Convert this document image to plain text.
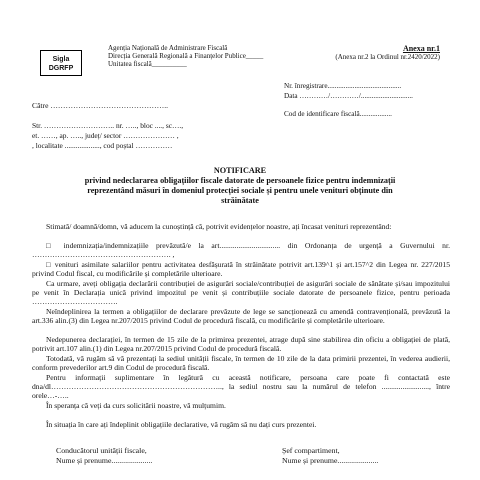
Sigla
DGRFP
Agenția Națională de Administrare Fiscală
Direcția Generală Regională a Finanțelor Publice_____
Unitatea fiscală__________
Anexa nr.1
(Anexa nr.2 la Ordinul nr.2420/2022)
Nr. înregistrare.........................................
Data …………/…………/.............................
Cod de identificare fiscală..................
Către ………………………………………..
Str. ……………………….. nr. ….., bloc ...., sc….,
et. ……, ap. ….., județ/ sector ………………… ,
, localitate ..................., cod poștal ……………
NOTIFICARE
privind nedeclararea obligațiilor fiscale datorate de persoanele fizice pentru indemnizații
reprezentând măsuri în domeniul protecției sociale și pentru unele venituri obținute din
străinătate
Stimată/ doamnă/domn, vă aducem la cunoștință că, potrivit evidențelor noastre, ați încasat venituri reprezentând:
□ indemnizația/indemnizațiile prevăzută/e la art................................ din Ordonanța de urgență a Guvernului nr. ………………………………………………. ,
□ venituri asimilate salariilor pentru activitatea desfășurată în străinătate potrivit art.139^1 și art.157^2 din Legea nr. 227/2015 privind Codul fiscal, cu modificările și completările ulterioare.
Ca urmare, aveți obligația declarării contribuției de asigurări sociale/contribuției de asigurări sociale de sănătate și/sau impozitului pe venit în Declarația unică privind impozitul pe venit și contribuțiile sociale datorate de persoanele fizice, pentru perioada …………………………….
Neîndeplinirea la termen a obligațiilor de declarare prevăzute de lege se sancționează cu amendă contravențională, prevăzută la art.336 alin.(3) din Legea nr.207/2015 privind Codul de procedură fiscală, cu modificările și completările ulterioare.
Nedepunerea declarației, în termen de 15 zile de la primirea prezentei, atrage după sine stabilirea din oficiu a obligației de plată, potrivit art.107 alin.(1) din Legea nr.207/2015 privind Codul de procedură fiscală.
Totodată, vă rugăm să vă prezentați la sediul unității fiscale, în termen de 10 zile de la data primirii prezentei, în vederea audierii, conform prevederilor art.9 din Codul de procedură fiscală.
Pentru informații suplimentare în legătură cu această notificare, persoana care poate fi contactată este dna/dl………………………………………………………….., la sediul nostru sau la numărul de telefon ........................., între orele…-…..
În speranța că veți da curs solicitării noastre, vă mulțumim.
În situația în care ați îndeplinit obligațiile declarative, vă rugăm să nu dați curs prezentei.
Conducătorul unității fiscale,
Nume și prenume.....................
Șef compartiment,
Nume și prenume.....................
